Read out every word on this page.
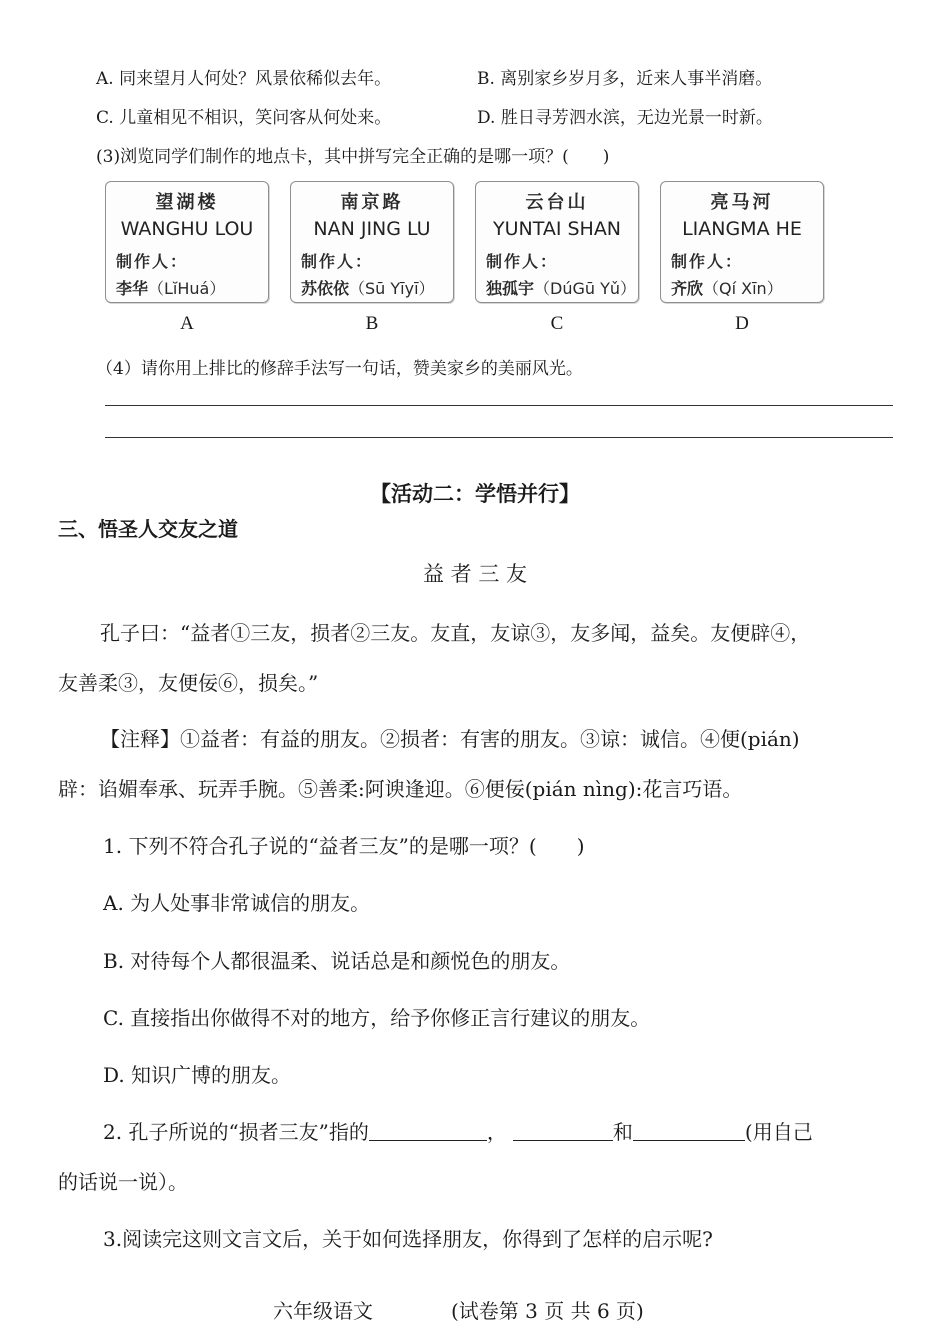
A. 同来望月人何处？风景依稀似去年。	B. 离别家乡岁月多，近来人事半消磨。
C. 儿童相见不相识，笑问客从何处来。	D. 胜日寻芳泗水滨，无边光景一时新。
(3)浏览同学们制作的地点卡，其中拼写完全正确的是哪一项？(　　)
望湖楼
WANGHU LOU
制作人：
李华（LĭHuá）
南京路
NAN JING LU
制作人：
苏依依（Sū Yīyī）
云台山
YUNTAI SHAN
制作人：
独孤宇（DúGū Yǔ）
亮马河
LIANGMA HE
制作人：
齐欣（Qí Xīn）
A	B	C	D
（4）请你用上排比的修辞手法写一句话，赞美家乡的美丽风光。
【活动二：学悟并行】
三、悟圣人交友之道
益 者 三 友
孔子曰：“益者①三友，损者②三友。友直，友谅③，友多闻，益矣。友便辟④，
友善柔③，友便佞⑥，损矣。”
【注释】①益者：有益的朋友。②损者：有害的朋友。③谅：诚信。④便(pián)
辟：谄媚奉承、玩弄手腕。⑤善柔:阿谀逢迎。⑥便佞(pián nìng):花言巧语。
1. 下列不符合孔子说的“益者三友”的是哪一项？(　　)
A. 为人处事非常诚信的朋友。
B. 对待每个人都很温柔、说话总是和颜悦色的朋友。
C. 直接指出你做得不对的地方，给予你修正言行建议的朋友。
D. 知识广博的朋友。
2. 孔子所说的“损者三友”指的	，	和	(用自己
的话说一说）。
3.阅读完这则文言文后，关于如何选择朋友，你得到了怎样的启示呢?
六年级语文	(试卷第 3 页 共 6 页)
